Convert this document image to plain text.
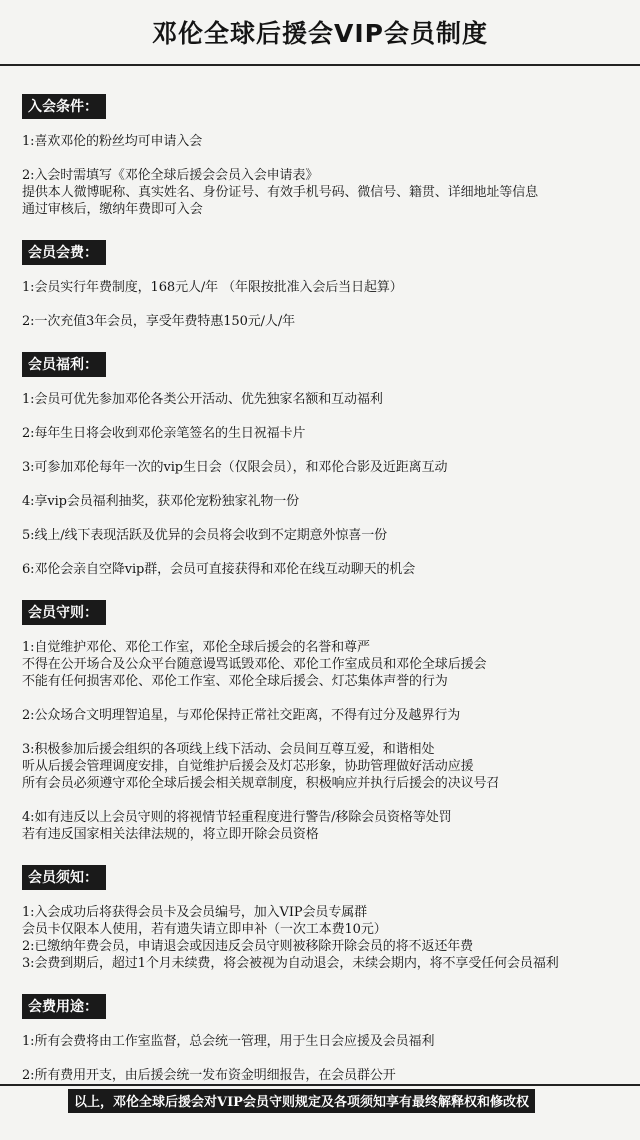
邓伦全球后援会VIP会员制度
入会条件：
1:喜欢邓伦的粉丝均可申请入会
2:入会时需填写《邓伦全球后援会会员入会申请表》
提供本人微博昵称、真实姓名、身份证号、有效手机号码、微信号、籍贯、详细地址等信息
通过审核后，缴纳年费即可入会
会员会费：
1:会员实行年费制度，168元人/年 （年限按批准入会后当日起算）
2:一次充值3年会员，享受年费特惠150元/人/年
会员福利：
1:会员可优先参加邓伦各类公开活动、优先独家名额和互动福利
2:每年生日将会收到邓伦亲笔签名的生日祝福卡片
3:可参加邓伦每年一次的vip生日会（仅限会员），和邓伦合影及近距离互动
4:享vip会员福利抽奖，获邓伦宠粉独家礼物一份
5:线上/线下表现活跃及优异的会员将会收到不定期意外惊喜一份
6:邓伦会亲自空降vip群，会员可直接获得和邓伦在线互动聊天的机会
会员守则：
1:自觉维护邓伦、邓伦工作室，邓伦全球后援会的名誉和尊严
不得在公开场合及公众平台随意谩骂诋毁邓伦、邓伦工作室成员和邓伦全球后援会
不能有任何损害邓伦、邓伦工作室、邓伦全球后援会、灯芯集体声誉的行为
2:公众场合文明理智追星，与邓伦保持正常社交距离，不得有过分及越界行为
3:积极参加后援会组织的各项线上线下活动、会员间互尊互爱，和谐相处
听从后援会管理调度安排，自觉维护后援会及灯芯形象，协助管理做好活动应援
所有会员必须遵守邓伦全球后援会相关规章制度，积极响应并执行后援会的决议号召
4:如有违反以上会员守则的将视情节轻重程度进行警告/移除会员资格等处罚
若有违反国家相关法律法规的，将立即开除会员资格
会员须知：
1:入会成功后将获得会员卡及会员编号，加入VIP会员专属群
会员卡仅限本人使用，若有遗失请立即申补（一次工本费10元）
2:已缴纳年费会员，申请退会或因违反会员守则被移除开除会员的将不返还年费
3:会费到期后，超过1个月未续费，将会被视为自动退会，未续会期内，将不享受任何会员福利
会费用途：
1:所有会费将由工作室监督，总会统一管理，用于生日会应援及会员福利
2:所有费用开支，由后援会统一发布资金明细报告，在会员群公开
以上，邓伦全球后援会对VIP会员守则规定及各项须知享有最终解释权和修改权
